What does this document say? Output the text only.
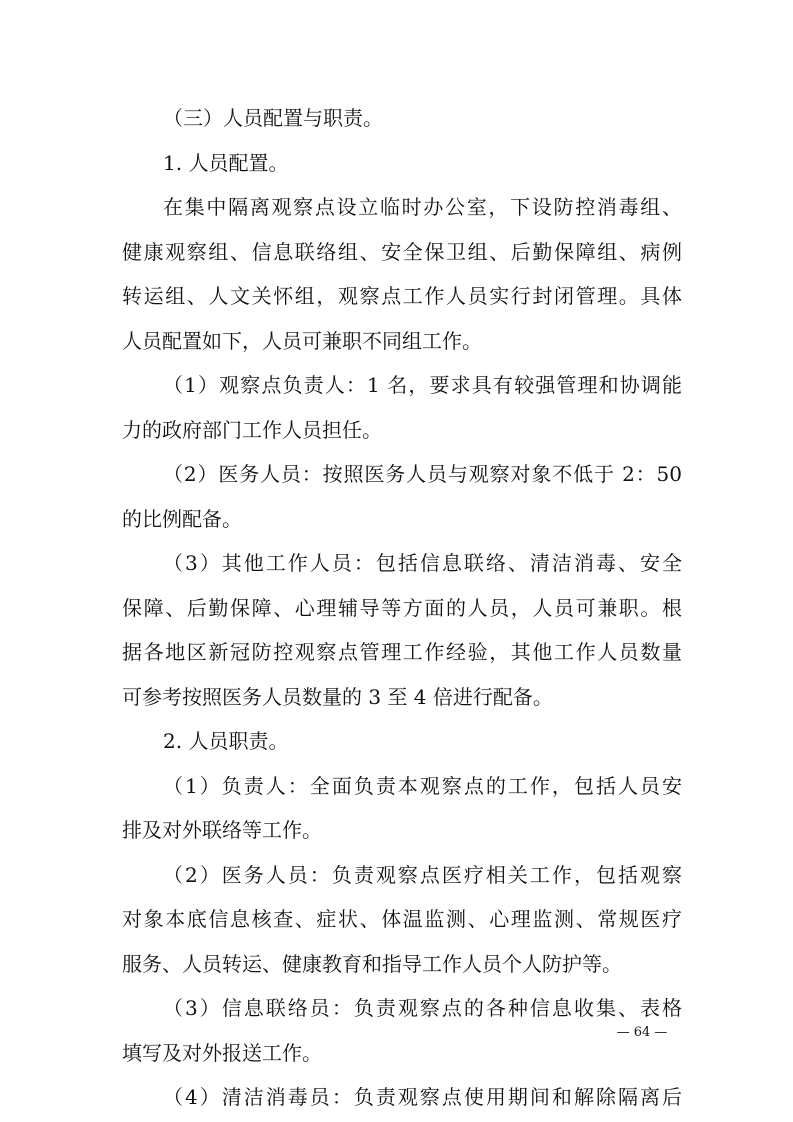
（三）人员配置与职责。
1. 人员配置。
在集中隔离观察点设立临时办公室，下设防控消毒组、
健康观察组、信息联络组、安全保卫组、后勤保障组、病例
转运组、人文关怀组，观察点工作人员实行封闭管理。具体
人员配置如下，人员可兼职不同组工作。
（1）观察点负责人：1 名，要求具有较强管理和协调能
力的政府部门工作人员担任。
（2）医务人员：按照医务人员与观察对象不低于 2：50
的比例配备。
（3）其他工作人员：包括信息联络、清洁消毒、安全
保障、后勤保障、心理辅导等方面的人员，人员可兼职。根
据各地区新冠防控观察点管理工作经验，其他工作人员数量
可参考按照医务人员数量的 3 至 4 倍进行配备。
2. 人员职责。
（1）负责人：全面负责本观察点的工作，包括人员安
排及对外联络等工作。
（2）医务人员：负责观察点医疗相关工作，包括观察
对象本底信息核查、症状、体温监测、心理监测、常规医疗
服务、人员转运、健康教育和指导工作人员个人防护等。
（3）信息联络员：负责观察点的各种信息收集、表格
填写及对外报送工作。
（4）清洁消毒员：负责观察点使用期间和解除隔离后
— 64 —
